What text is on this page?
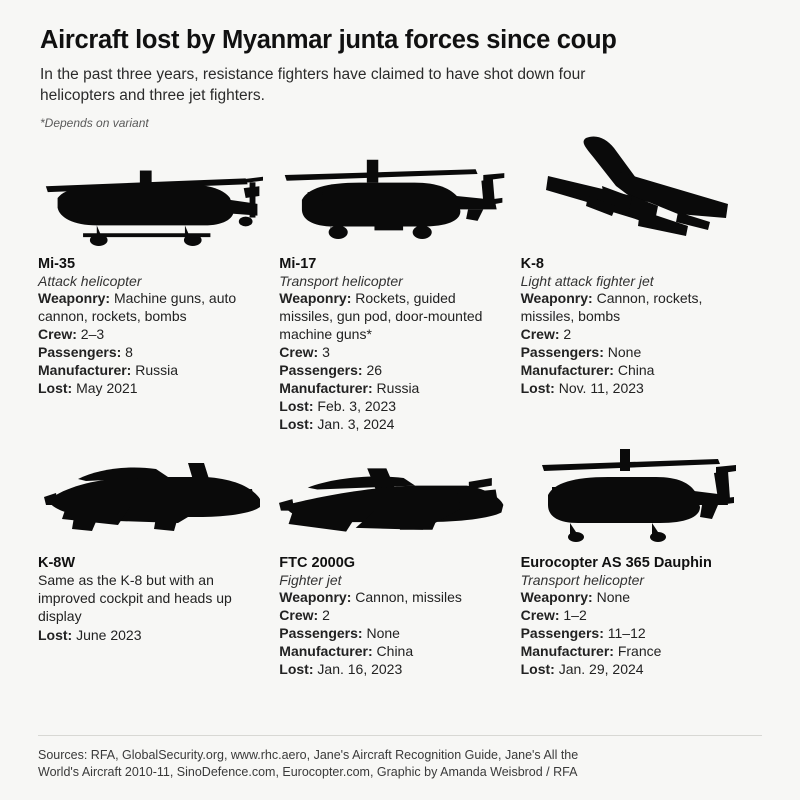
Aircraft lost by Myanmar junta forces since coup

In the past three years, resistance fighters have claimed to have shot down four helicopters and three jet fighters.

*Depends on variant

Mi-35
Attack helicopter
Weaponry: Machine guns, auto cannon, rockets, bombs
Crew: 2–3
Passengers: 8
Manufacturer: Russia
Lost: May 2021
Mi-17
Transport helicopter
Weaponry: Rockets, guided missiles, gun pod, door-mounted machine guns*
Crew: 3
Passengers: 26
Manufacturer: Russia
Lost: Feb. 3, 2023
Lost: Jan. 3, 2024
K-8
Light attack fighter jet
Weaponry: Cannon, rockets, missiles, bombs
Crew: 2
Passengers: None
Manufacturer: China
Lost: Nov. 11, 2023
K-8W
Same as the K-8 but with an improved cockpit and heads up display
Lost: June 2023
FTC 2000G
Fighter jet
Weaponry: Cannon, missiles
Crew: 2
Passengers: None
Manufacturer: China
Lost: Jan. 16, 2023
Eurocopter AS 365 Dauphin
Transport helicopter
Weaponry: None
Crew: 1–2
Passengers: 11–12
Manufacturer: France
Lost: Jan. 29, 2024
Sources: RFA, GlobalSecurity.org, www.rhc.aero, Jane's Aircraft Recognition Guide, Jane's All the
World's Aircraft 2010-11, SinoDefence.com, Eurocopter.com, Graphic by Amanda Weisbrod / RFA
